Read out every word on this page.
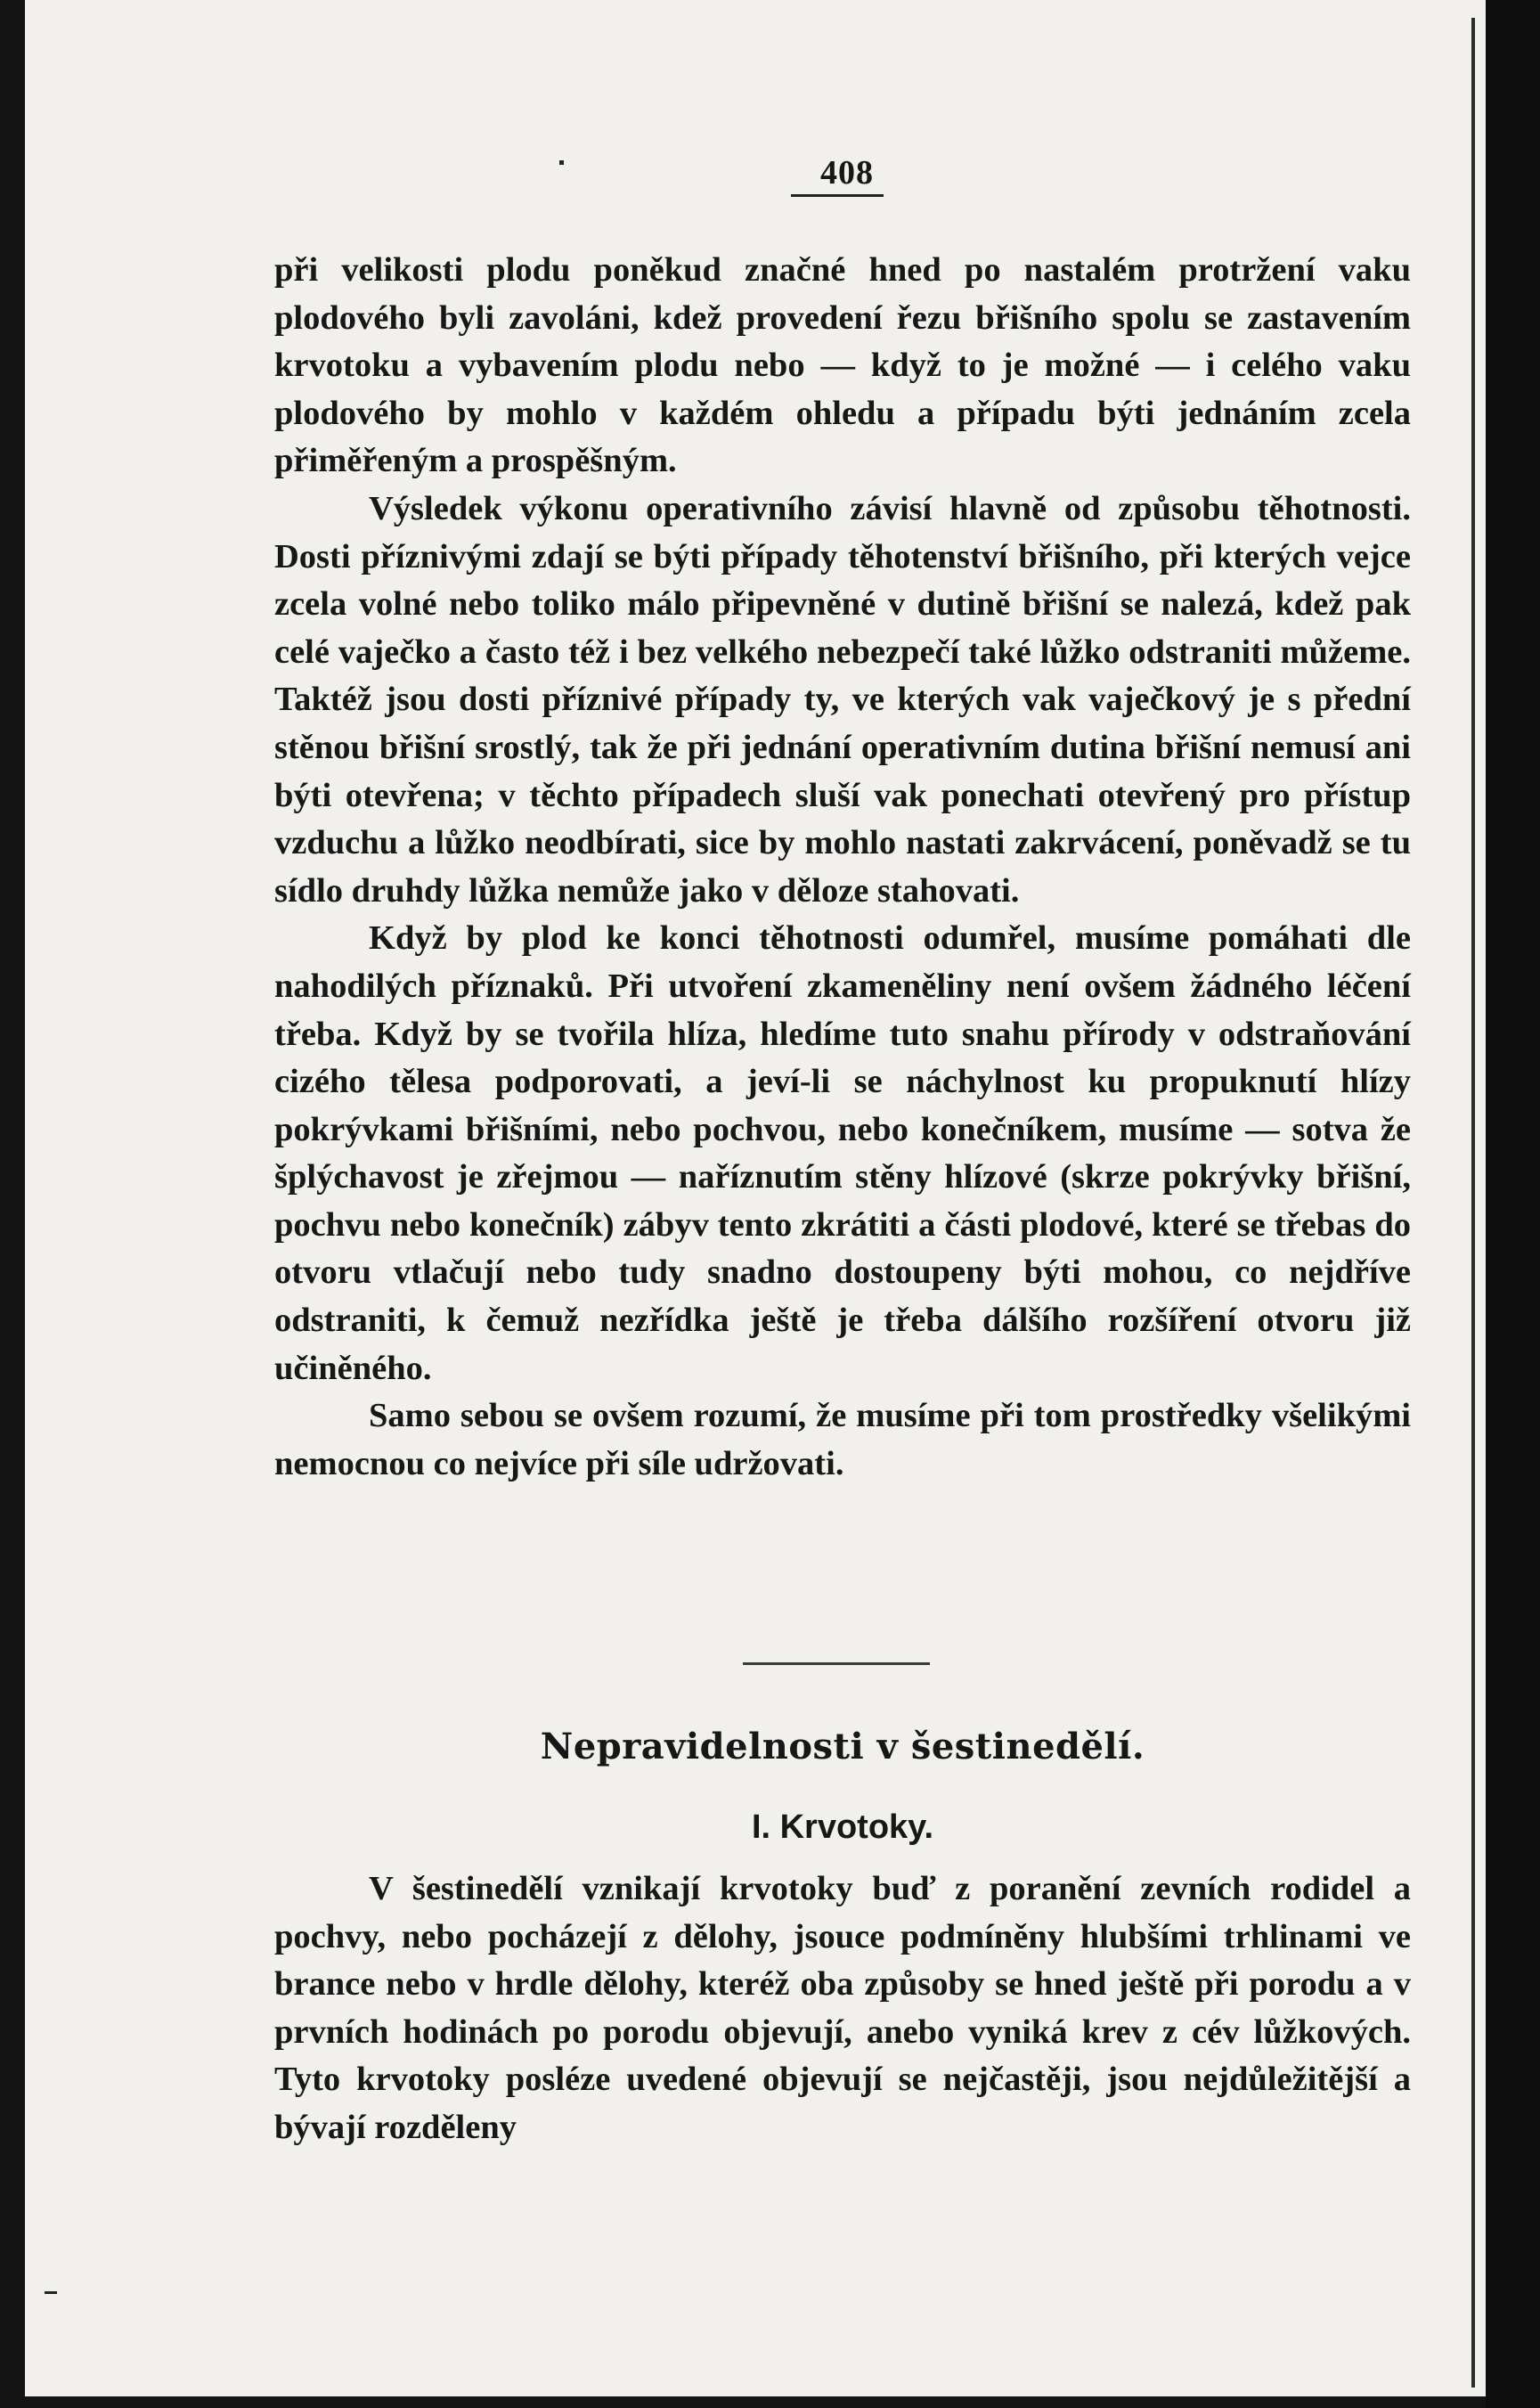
408

při velikosti plodu poněkud značné hned po nastalém protržení vaku plodového byli zavoláni, kdež provedení řezu břišního spolu se zastavením krvotoku a vybavením plodu nebo — když to je možné — i celého vaku plodového by mohlo v každém ohledu a případu býti jednáním zcela přiměřeným a prospěšným.

Výsledek výkonu operativního závisí hlavně od způsobu těhotnosti. Dosti příznivými zdají se býti případy těhotenství břišního, při kterých vejce zcela volné nebo toliko málo připevněné v dutině břišní se nalezá, kdež pak celé vaječko a často též i bez velkého nebezpečí také lůžko odstraniti můžeme. Taktéž jsou dosti příznivé případy ty, ve kterých vak vaječkový je s přední stěnou břišní srostlý, tak že při jednání operativním dutina břišní nemusí ani býti otevřena; v těchto případech sluší vak ponechati otevřený pro přístup vzduchu a lůžko neodbírati, sice by mohlo nastati zakrvácení, poněvadž se tu sídlo druhdy lůžka nemůže jako v děloze stahovati.

Když by plod ke konci těhotnosti odumřel, musíme pomáhati dle nahodilých příznaků. Při utvoření zkameněliny není ovšem žádného léčení třeba. Když by se tvořila hlíza, hledíme tuto snahu přírody v odstraňování cizého tělesa podporovati, a jeví-li se náchylnost ku propuknutí hlízy pokrývkami břišními, nebo pochvou, nebo konečníkem, musíme — sotva že šplýchavost je zřejmou — naříznutím stěny hlízové (skrze pokrývky břišní, pochvu nebo konečník) zábyv tento zkrátiti a části plodové, které se třebas do otvoru vtlačují nebo tudy snadno dostoupeny býti mohou, co nejdříve odstraniti, k čemuž nezřídka ještě je třeba dálšího rozšíření otvoru již učiněného.

Samo sebou se ovšem rozumí, že musíme při tom prostředky všelikými nemocnou co nejvíce při síle udržovati.

Nepravidelnosti v šestinedělí.
I. Krvotoky.

V šestinedělí vznikají krvotoky buď z poranění zevních rodidel a pochvy, nebo pocházejí z dělohy, jsouce podmíněny hlubšími trhlinami ve brance nebo v hrdle dělohy, kteréž oba způsoby se hned ještě při porodu a v prvních hodinách po porodu objevují, anebo vyniká krev z cév lůžkových. Tyto krvotoky posléze uvedené objevují se nejčastěji, jsou nejdůležitější a bývají rozděleny
